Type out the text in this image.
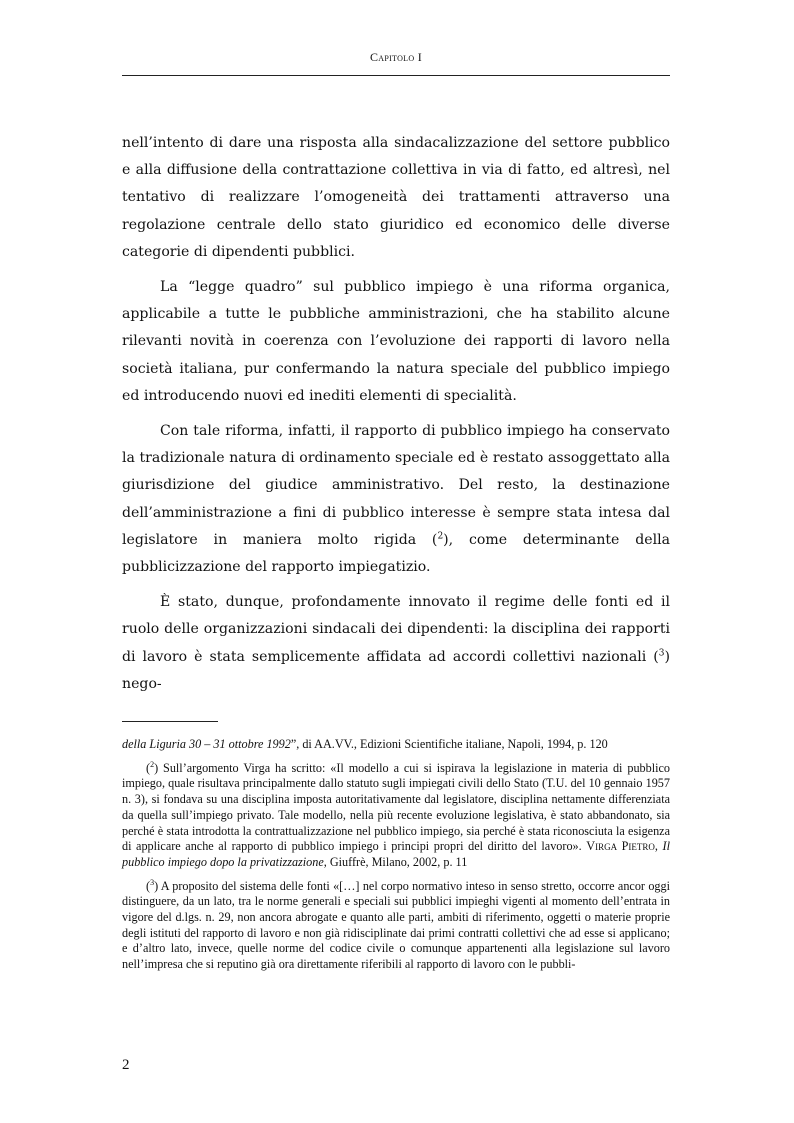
Capitolo I

nell’intento di dare una risposta alla sindacalizzazione del settore pubblico e alla diffusione della contrattazione collettiva in via di fatto, ed altresì, nel tentativo di realizzare l’omogeneità dei trattamenti attraverso una regolazione centrale dello stato giuridico ed economico delle diverse categorie di dipendenti pubblici.

La “legge quadro” sul pubblico impiego è una riforma organica, applicabile a tutte le pubbliche amministrazioni, che ha stabilito alcune rilevanti novità in coerenza con l’evoluzione dei rapporti di lavoro nella società italiana, pur confermando la natura speciale del pubblico impiego ed introducendo nuovi ed inediti elementi di specialità.

Con tale riforma, infatti, il rapporto di pubblico impiego ha conservato la tradizionale natura di ordinamento speciale ed è restato assoggettato alla giurisdizione del giudice amministrativo. Del resto, la destinazione dell’amministrazione a fini di pubblico interesse è sempre stata intesa dal legislatore in maniera molto rigida ($^2$), come determinante della pubblicizzazione del rapporto impiegatizio.

È stato, dunque, profondamente innovato il regime delle fonti ed il ruolo delle organizzazioni sindacali dei dipendenti: la disciplina dei rapporti di lavoro è stata semplicemente affidata ad accordi collettivi nazionali ($^3$) nego-

della Liguria 30 – 31 ottobre 1992”, di AA.VV., Edizioni Scientifiche italiane, Napoli, 1994, p. 120

($^2$) Sull’argomento Virga ha scritto: «Il modello a cui si ispirava la legislazione in materia di pubblico impiego, quale risultava principalmente dallo statuto sugli impiegati civili dello Stato (T.U. del 10 gennaio 1957 n. 3), si fondava su una disciplina imposta autoritativamente dal legislatore, disciplina nettamente differenziata da quella sull’impiego privato. Tale modello, nella più recente evoluzione legislativa, è stato abbandonato, sia perché è stata introdotta la contrattualizzazione nel pubblico impiego, sia perché è stata riconosciuta la esigenza di applicare anche al rapporto di pubblico impiego i principi propri del diritto del lavoro». Virga Pietro, Il pubblico impiego dopo la privatizzazione, Giuffrè, Milano, 2002, p. 11

($^3$) A proposito del sistema delle fonti «[…] nel corpo normativo inteso in senso stretto, occorre ancor oggi distinguere, da un lato, tra le norme generali e speciali sui pubblici impieghi vigenti al momento dell’entrata in vigore del d.lgs. n. 29, non ancora abrogate e quanto alle parti, ambiti di riferimento, oggetti o materie proprie degli istituti del rapporto di lavoro e non già ridisciplinate dai primi contratti collettivi che ad esse si applicano; e d’altro lato, invece, quelle norme del codice civile o comunque appartenenti alla legislazione sul lavoro nell’impresa che si reputino già ora direttamente riferibili al rapporto di lavoro con le pubbli-

2
